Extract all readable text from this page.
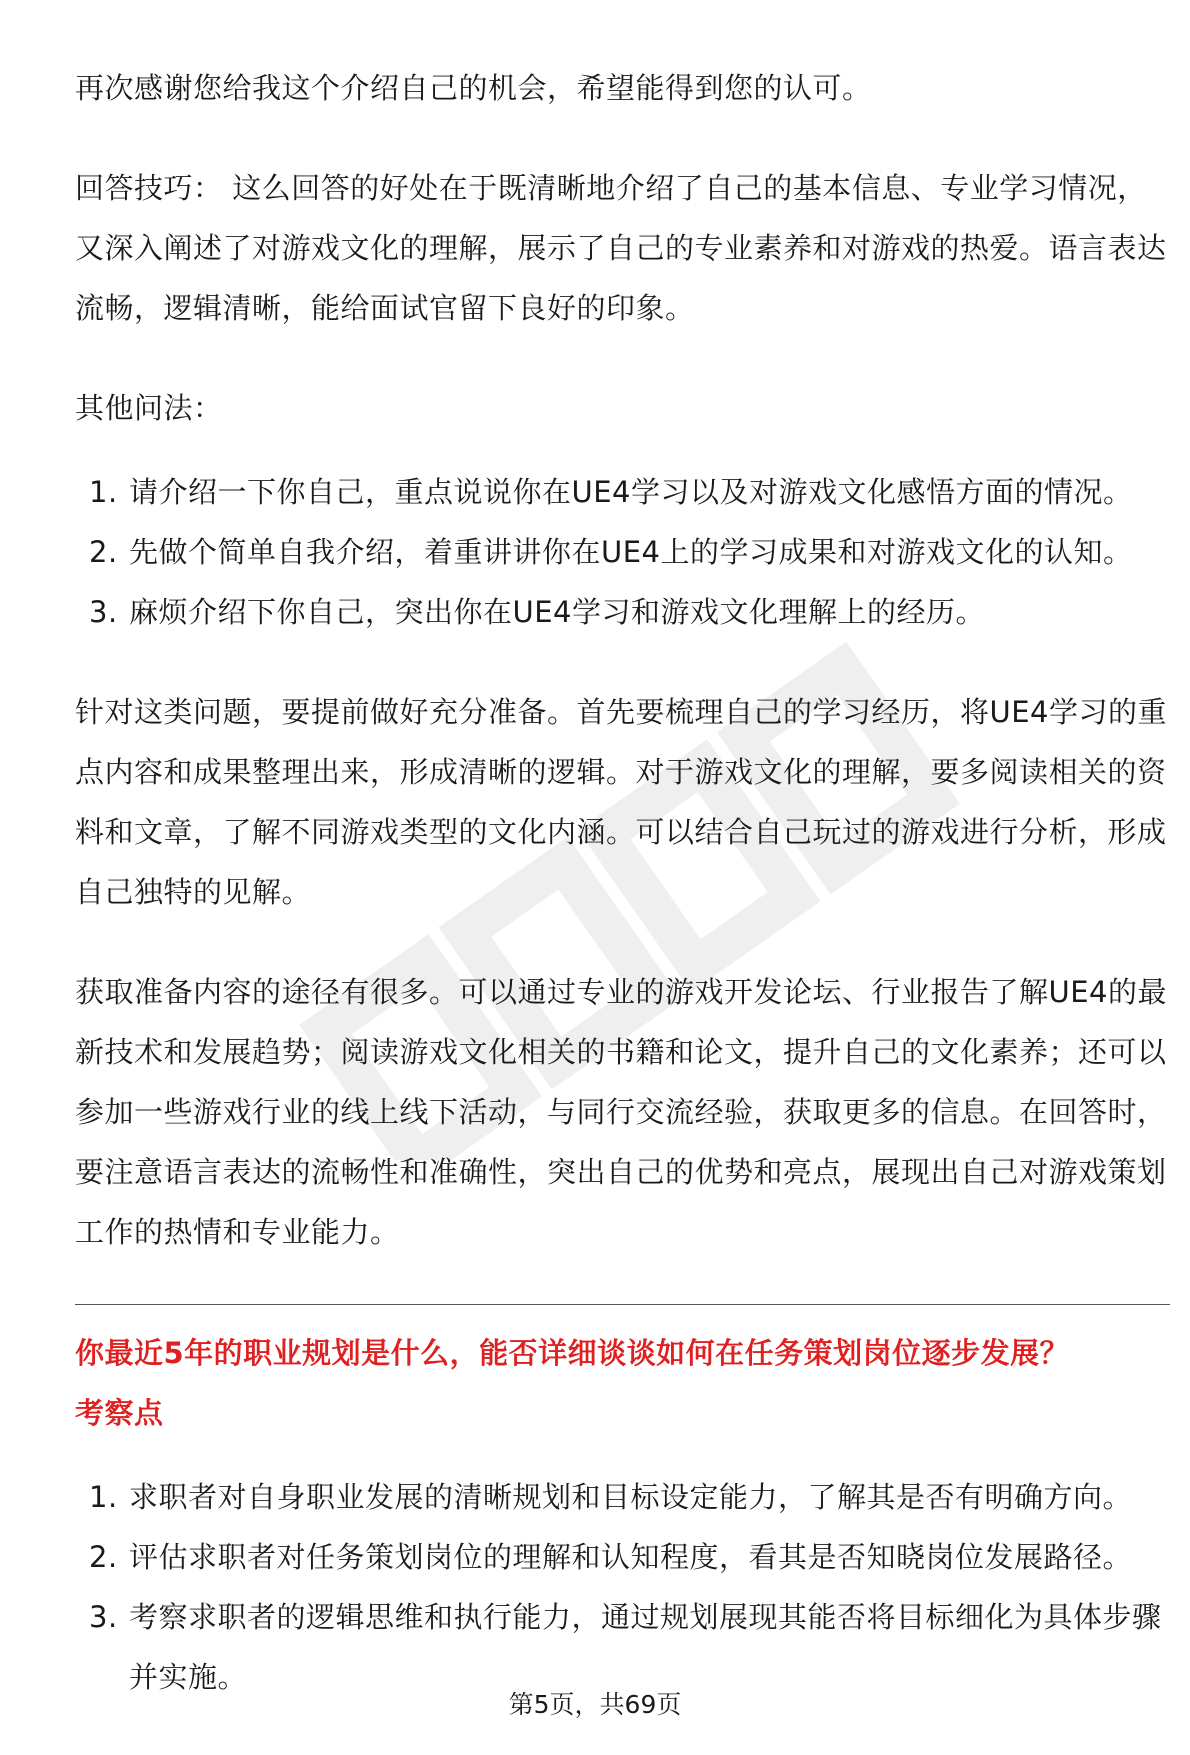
再次感谢您给我这个介绍自己的机会，希望能得到您的认可。

回答技巧： 这么回答的好处在于既清晰地介绍了自己的基本信息、专业学习情况，又深入阐述了对游戏文化的理解，展示了自己的专业素养和对游戏的热爱。语言表达流畅，逻辑清晰，能给面试官留下良好的印象。

其他问法：

1. 请介绍一下你自己，重点说说你在UE4学习以及对游戏文化感悟方面的情况。
2. 先做个简单自我介绍，着重讲讲你在UE4上的学习成果和对游戏文化的认知。
3. 麻烦介绍下你自己，突出你在UE4学习和游戏文化理解上的经历。

针对这类问题，要提前做好充分准备。首先要梳理自己的学习经历，将UE4学习的重点内容和成果整理出来，形成清晰的逻辑。对于游戏文化的理解，要多阅读相关的资料和文章，了解不同游戏类型的文化内涵。可以结合自己玩过的游戏进行分析，形成自己独特的见解。

获取准备内容的途径有很多。可以通过专业的游戏开发论坛、行业报告了解UE4的最新技术和发展趋势；阅读游戏文化相关的书籍和论文，提升自己的文化素养；还可以参加一些游戏行业的线上线下活动，与同行交流经验，获取更多的信息。在回答时，要注意语言表达的流畅性和准确性，突出自己的优势和亮点，展现出自己对游戏策划工作的热情和专业能力。

你最近5年的职业规划是什么，能否详细谈谈如何在任务策划岗位逐步发展？

考察点

1. 求职者对自身职业发展的清晰规划和目标设定能力，了解其是否有明确方向。
2. 评估求职者对任务策划岗位的理解和认知程度，看其是否知晓岗位发展路径。
3. 考察求职者的逻辑思维和执行能力，通过规划展现其能否将目标细化为具体步骤并实施。
第5页，共69页
